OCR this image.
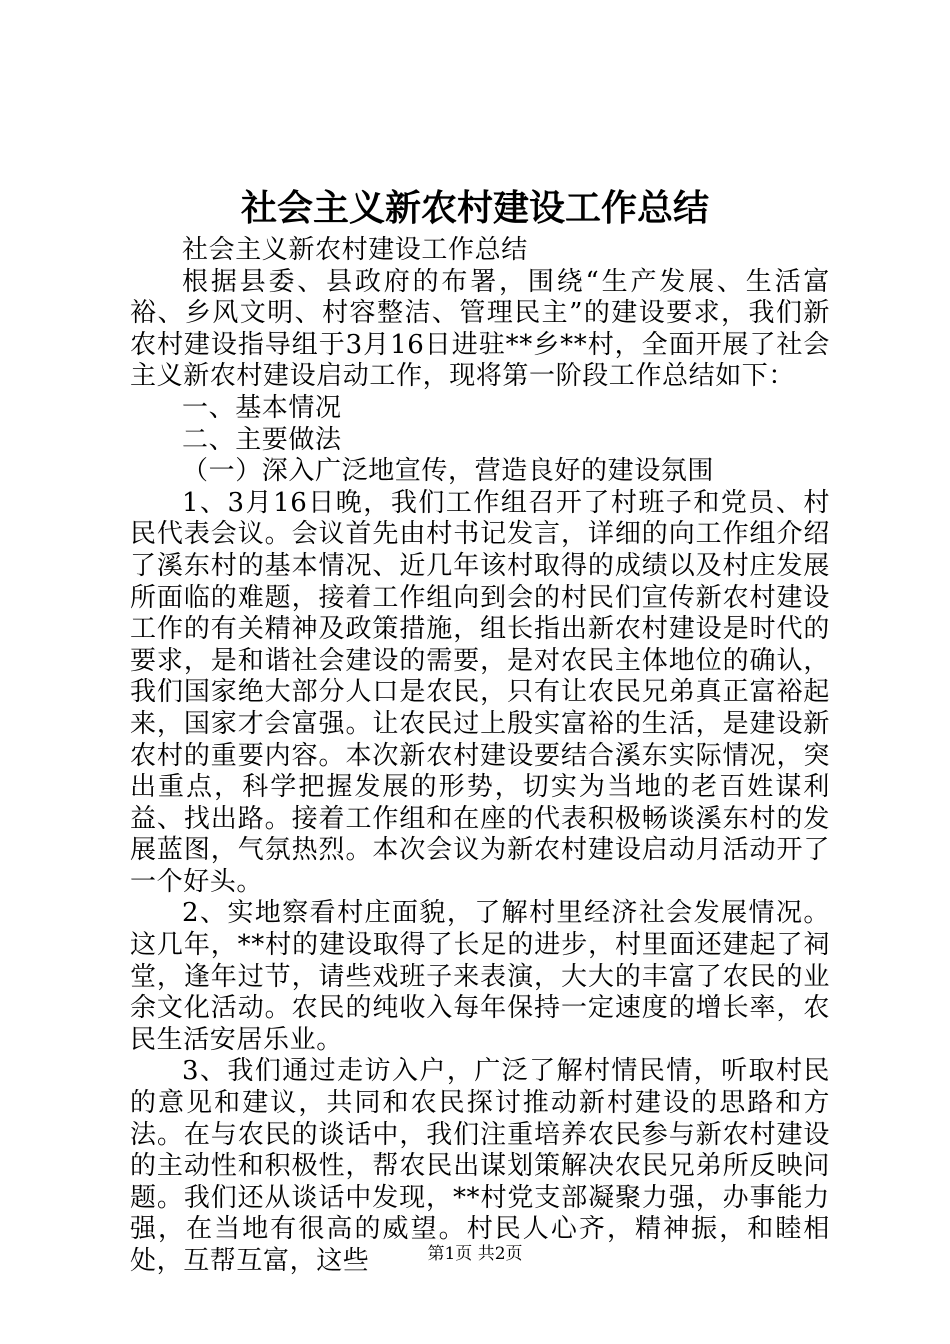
社会主义新农村建设工作总结

社会主义新农村建设工作总结

根据县委、县政府的布署，围绕“生产发展、生活富裕、乡风文明、村容整洁、管理民主”的建设要求，我们新农村建设指导组于3月16日进驻**乡**村，全面开展了社会主义新农村建设启动工作，现将第一阶段工作总结如下：

一、基本情况

二、主要做法

（一）深入广泛地宣传，营造良好的建设氛围

1、3月16日晚，我们工作组召开了村班子和党员、村民代表会议。会议首先由村书记发言，详细的向工作组介绍了溪东村的基本情况、近几年该村取得的成绩以及村庄发展所面临的难题，接着工作组向到会的村民们宣传新农村建设工作的有关精神及政策措施，组长指出新农村建设是时代的要求，是和谐社会建设的需要，是对农民主体地位的确认，我们国家绝大部分人口是农民，只有让农民兄弟真正富裕起来，国家才会富强。让农民过上殷实富裕的生活，是建设新农村的重要内容。本次新农村建设要结合溪东实际情况，突出重点，科学把握发展的形势，切实为当地的老百姓谋利益、找出路。接着工作组和在座的代表积极畅谈溪东村的发展蓝图，气氛热烈。本次会议为新农村建设启动月活动开了一个好头。

2、实地察看村庄面貌，了解村里经济社会发展情况。这几年，**村的建设取得了长足的进步，村里面还建起了祠堂，逢年过节，请些戏班子来表演，大大的丰富了农民的业余文化活动。农民的纯收入每年保持一定速度的增长率，农民生活安居乐业。

3、我们通过走访入户，广泛了解村情民情，听取村民的意见和建议，共同和农民探讨推动新村建设的思路和方法。在与农民的谈话中，我们注重培养农民参与新农村建设的主动性和积极性，帮农民出谋划策解决农民兄弟所反映问题。我们还从谈话中发现，**村党支部凝聚力强，办事能力强，在当地有很高的威望。村民人心齐，精神振，和睦相处，互帮互富，这些	第1页 共2页
